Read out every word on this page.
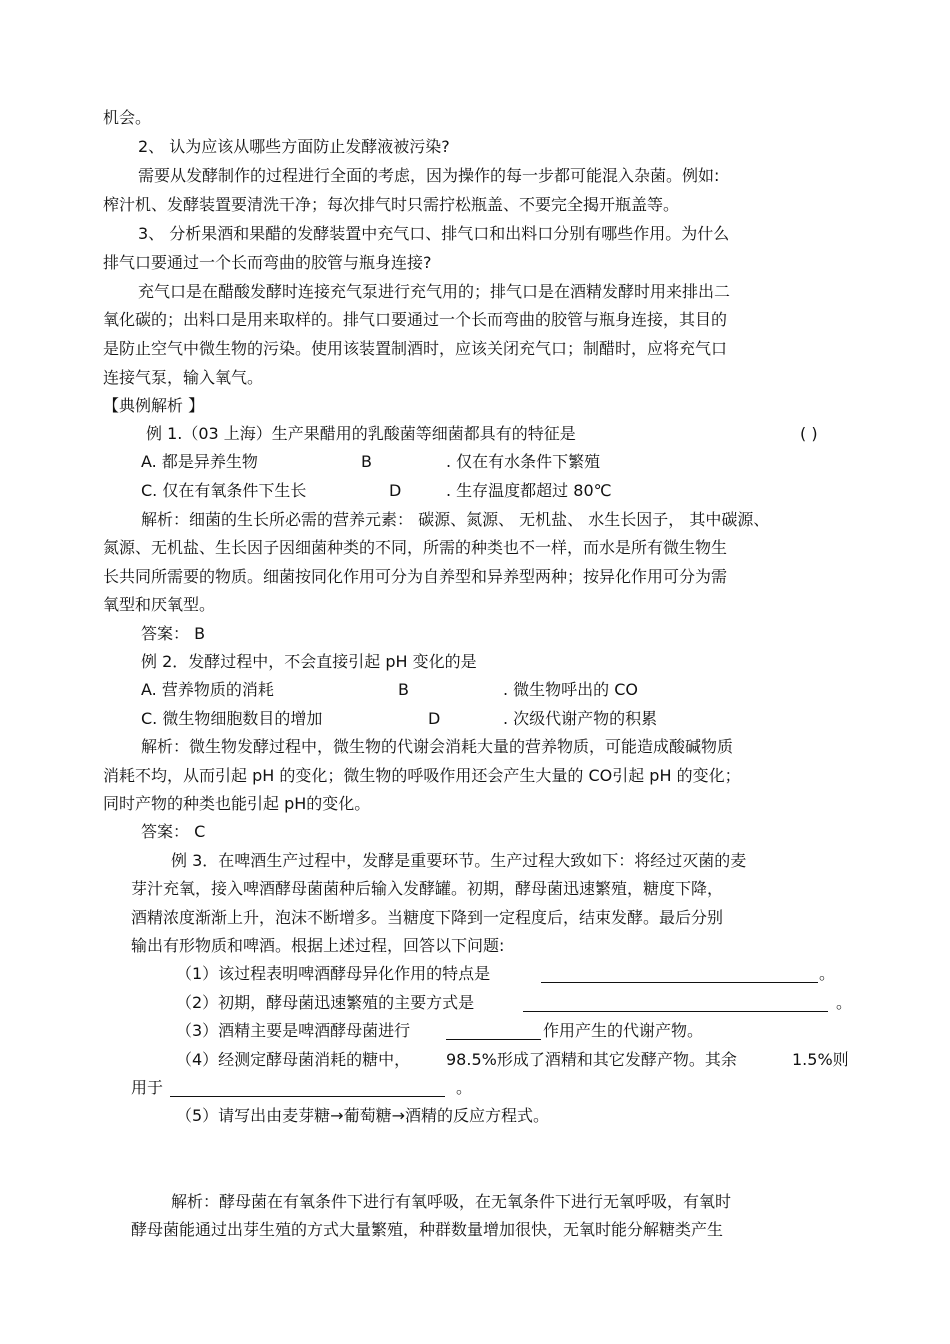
机会。
2、 认为应该从哪些方面防止发酵液被污染?
需要从发酵制作的过程进行全面的考虑，因为操作的每一步都可能混入杂菌。例如:
榨汁机、发酵装置要清洗干净；每次排气时只需拧松瓶盖、不要完全揭开瓶盖等。
3、 分析果酒和果醋的发酵装置中充气口、排气口和出料口分别有哪些作用。为什么
排气口要通过一个长而弯曲的胶管与瓶身连接?
充气口是在醋酸发酵时连接充气泵进行充气用的；排气口是在酒精发酵时用来排出二
氧化碳的；出料口是用来取样的。排气口要通过一个长而弯曲的胶管与瓶身连接，其目的
是防止空气中微生物的污染。使用该装置制酒时，应该关闭充气口；制醋时，应将充气口
连接气泵，输入氧气。
【典例解析 】
例 1.（03 上海）生产果醋用的乳酸菌等细菌都具有的特征是	( )
A. 都是异养生物	B	. 仅在有水条件下繁殖
C. 仅在有氧条件下生长	D	. 生存温度都超过 80℃
解析：细菌的生长所必需的营养元素： 碳源、氮源、 无机盐、 水生长因子， 其中碳源、
氮源、无机盐、生长因子因细菌种类的不同，所需的种类也不一样，而水是所有微生物生
长共同所需要的物质。细菌按同化作用可分为自养型和异养型两种；按异化作用可分为需
氧型和厌氧型。
答案： B
例 2．发酵过程中，不会直接引起 pH 变化的是
A. 营养物质的消耗	B	. 微生物呼出的 CO
C. 微生物细胞数目的增加	D	. 次级代谢产物的积累
解析：微生物发酵过程中，微生物的代谢会消耗大量的营养物质，可能造成酸碱物质
消耗不均，从而引起 pH 的变化；微生物的呼吸作用还会产生大量的 CO引起 pH 的变化；
同时产物的种类也能引起 pH的变化。
答案： C
例 3．在啤酒生产过程中，发酵是重要环节。生产过程大致如下：将经过灭菌的麦
芽汁充氧，接入啤酒酵母菌菌种后输入发酵罐。初期，酵母菌迅速繁殖，糖度下降，
酒精浓度渐渐上升，泡沫不断增多。当糖度下降到一定程度后，结束发酵。最后分别
输出有形物质和啤酒。根据上述过程，回答以下问题:
（1）该过程表明啤酒酵母异化作用的特点是	。
（2）初期，酵母菌迅速繁殖的主要方式是	。
（3）酒精主要是啤酒酵母菌进行	作用产生的代谢产物。
（4）经测定酵母菌消耗的糖中， 98.5%形成了酒精和其它发酵产物。其余	1.5%则
用于	。
（5）请写出由麦芽糖→葡萄糖→酒精的反应方程式。
解析：酵母菌在有氧条件下进行有氧呼吸，在无氧条件下进行无氧呼吸，有氧时
酵母菌能通过出芽生殖的方式大量繁殖，种群数量增加很快，无氧时能分解糖类产生
